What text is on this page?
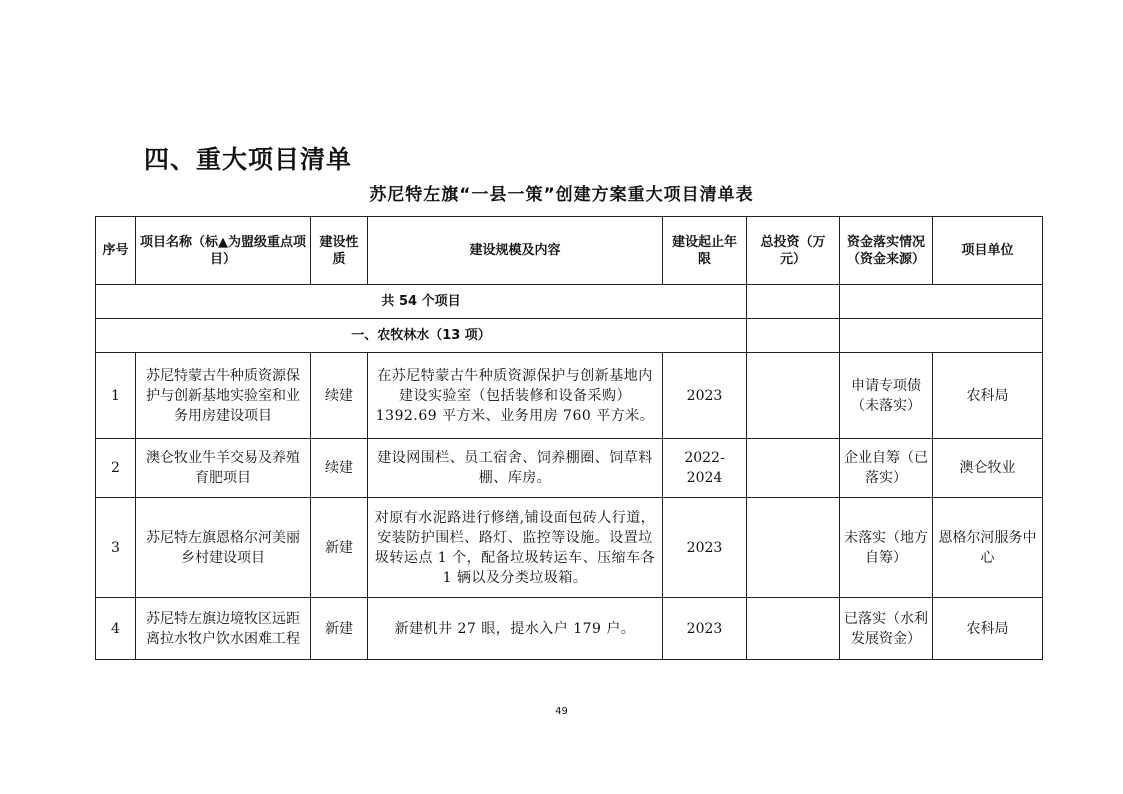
四、重大项目清单
苏尼特左旗“一县一策”创建方案重大项目清单表
序号	项目名称（标▲为盟级重点项目）	建设性质	建设规模及内容	建设起止年限	总投资（万元）	资金落实情况（资金来源）	项目单位
共 54 个项目							
一、农牧林水（13 项）							
1	苏尼特蒙古牛种质资源保护与创新基地实验室和业务用房建设项目	续建	在苏尼特蒙古牛种质资源保护与创新基地内建设实验室（包括装修和设备采购）1392.69 平方米、业务用房 760 平方米。	2023		申请专项债（未落实）	农科局
2	澳仑牧业牛羊交易及养殖育肥项目	续建	建设网围栏、员工宿舍、饲养棚圈、饲草料棚、库房。	2022-2024		企业自筹（已落实）	澳仑牧业
3	苏尼特左旗恩格尔河美丽乡村建设项目	新建	对原有水泥路进行修缮,铺设面包砖人行道，安装防护围栏、路灯、监控等设施。设置垃圾转运点 1 个，配备垃圾转运车、压缩车各 1 辆以及分类垃圾箱。	2023		未落实（地方自筹）	恩格尔河服务中心
4	苏尼特左旗边境牧区远距离拉水牧户饮水困难工程	新建	新建机井 27 眼，提水入户 179 户。	2023		已落实（水利发展资金）	农科局
49
